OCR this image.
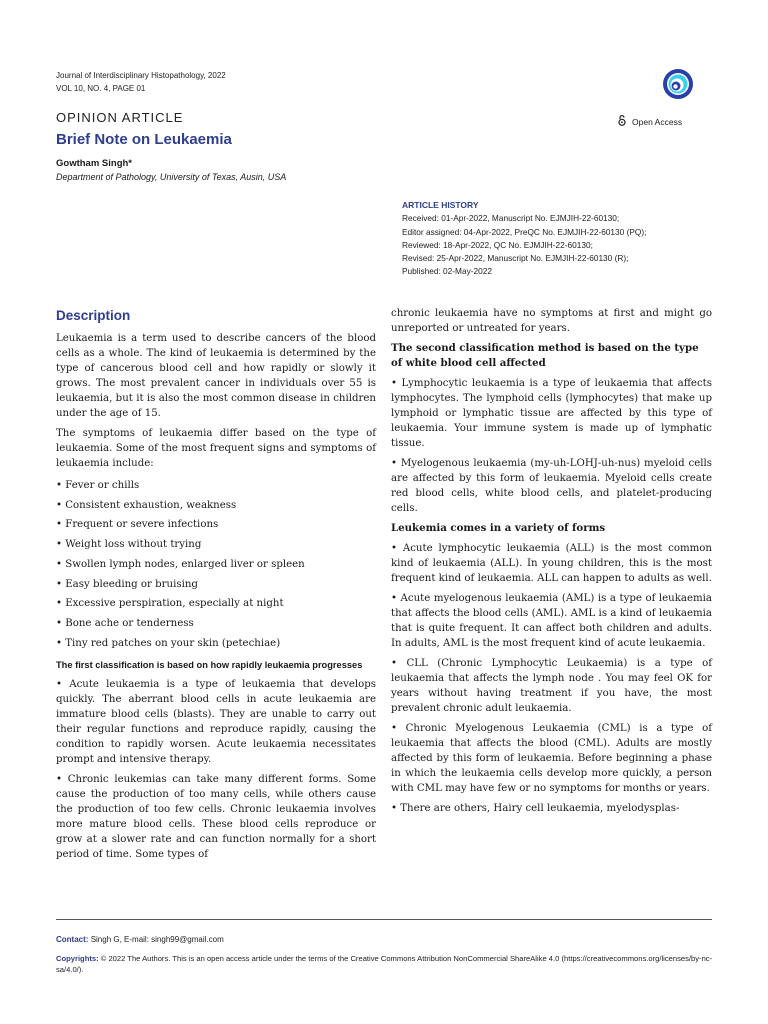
Journal of Interdisciplinary Histopathology, 2022
VOL 10, NO. 4, PAGE 01
OPINION ARTICLE
Brief Note on Leukaemia
Open Access
Gowtham Singh*
Department of Pathology, University of Texas, Ausin, USA
ARTICLE HISTORY
Received: 01-Apr-2022, Manuscript No. EJMJIH-22-60130;
Editor assigned: 04-Apr-2022, PreQC No. EJMJIH-22-60130 (PQ);
Reviewed: 18-Apr-2022, QC No. EJMJIH-22-60130;
Revised: 25-Apr-2022, Manuscript No. EJMJIH-22-60130 (R);
Published: 02-May-2022
Description

Leukaemia is a term used to describe cancers of the blood cells as a whole. The kind of leukaemia is determined by the type of cancerous blood cell and how rapidly or slowly it grows. The most prevalent cancer in individuals over 55 is leukaemia, but it is also the most common disease in children under the age of 15.

The symptoms of leukaemia differ based on the type of leukaemia. Some of the most frequent signs and symptoms of leukaemia include:

• Fever or chills

• Consistent exhaustion, weakness

• Frequent or severe infections

• Weight loss without trying

• Swollen lymph nodes, enlarged liver or spleen

• Easy bleeding or bruising

• Excessive perspiration, especially at night

• Bone ache or tenderness

• Tiny red patches on your skin (petechiae)

The first classification is based on how rapidly leukaemia progresses

• Acute leukaemia is a type of leukaemia that develops quickly. The aberrant blood cells in acute leukaemia are immature blood cells (blasts). They are unable to carry out their regular functions and reproduce rapidly, causing the condition to rapidly worsen. Acute leukaemia necessitates prompt and intensive therapy.

• Chronic leukemias can take many different forms. Some cause the production of too many cells, while others cause the production of too few cells. Chronic leukaemia involves more mature blood cells. These blood cells reproduce or grow at a slower rate and can function normally for a short period of time. Some types of

chronic leukaemia have no symptoms at first and might go unreported or untreated for years.

The second classification method is based on the type of white blood cell affected

• Lymphocytic leukaemia is a type of leukaemia that affects lymphocytes. The lymphoid cells (lymphocytes) that make up lymphoid or lymphatic tissue are affected by this type of leukaemia. Your immune system is made up of lymphatic tissue.

• Myelogenous leukaemia (my-uh-LOHJ-uh-nus) myeloid cells are affected by this form of leukaemia. Myeloid cells create red blood cells, white blood cells, and platelet-producing cells.

Leukemia comes in a variety of forms

• Acute lymphocytic leukaemia (ALL) is the most common kind of leukaemia (ALL). In young children, this is the most frequent kind of leukaemia. ALL can happen to adults as well.

• Acute myelogenous leukaemia (AML) is a type of leukaemia that affects the blood cells (AML). AML is a kind of leukaemia that is quite frequent. It can affect both children and adults. In adults, AML is the most frequent kind of acute leukaemia.

• CLL (Chronic Lymphocytic Leukaemia) is a type of leukaemia that affects the lymph node . You may feel OK for years without having treatment if you have, the most prevalent chronic adult leukaemia.

• Chronic Myelogenous Leukaemia (CML) is a type of leukaemia that affects the blood (CML). Adults are mostly affected by this form of leukaemia. Before beginning a phase in which the leukaemia cells develop more quickly, a person with CML may have few or no symptoms for months or years.

• There are others, Hairy cell leukaemia, myelodysplas-

Contact: Singh G, E-mail: singh99@gmail.com
Copyrights: © 2022 The Authors. This is an open access article under the terms of the Creative Commons Attribution NonCommercial ShareAlike 4.0 (https://creativecommons.org/licenses/by-nc-sa/4.0/).
